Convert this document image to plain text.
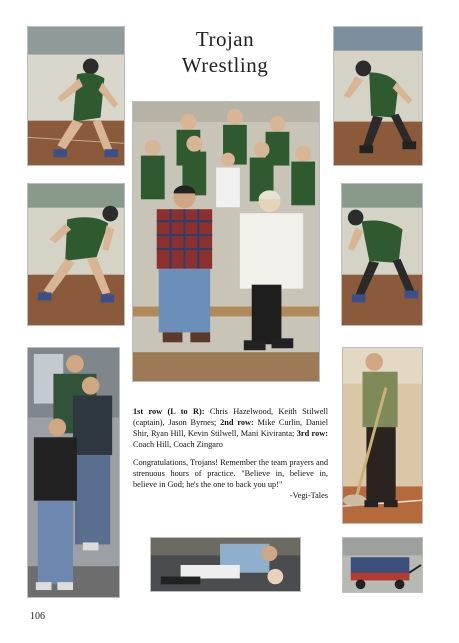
Trojan
Wrestling

1st row (L to R): Chris Hazelwood, Keith Stilwell (captain), Jason Byrnes; 2nd row: Mike Curlin, Daniel Shir, Ryan Hill, Kevin Stilwell, Mani Kiviranta; 3rd row: Coach Hill, Coach Zingaro

Congratulations, Trojans! Remember the team prayers and strenuous hours of practice. "Believe in, believe in, believe in God; he's the one to back you up!"
-Vegi-Tales

106
